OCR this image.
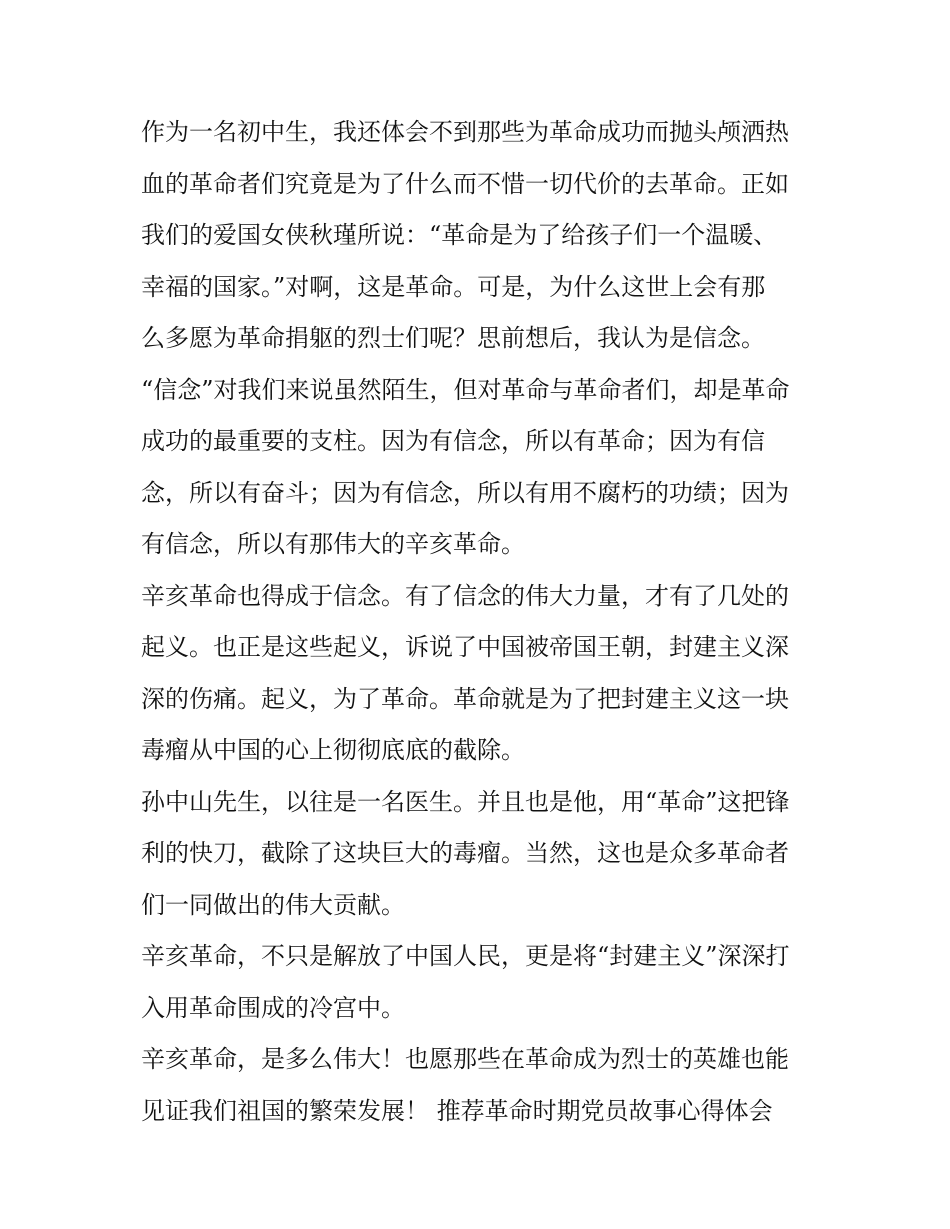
作为一名初中生，我还体会不到那些为革命成功而抛头颅洒热
血的革命者们究竟是为了什么而不惜一切代价的去革命。正如
我们的爱国女侠秋瑾所说：“革命是为了给孩子们一个温暖、
幸福的国家。”对啊，这是革命。可是，为什么这世上会有那
么多愿为革命捐躯的烈士们呢？思前想后，我认为是信念。
“信念”对我们来说虽然陌生，但对革命与革命者们，却是革命
成功的最重要的支柱。因为有信念，所以有革命；因为有信
念，所以有奋斗；因为有信念，所以有用不腐朽的功绩；因为
有信念，所以有那伟大的辛亥革命。
辛亥革命也得成于信念。有了信念的伟大力量，才有了几处的
起义。也正是这些起义，诉说了中国被帝国王朝，封建主义深
深的伤痛。起义，为了革命。革命就是为了把封建主义这一块
毒瘤从中国的心上彻彻底底的截除。
孙中山先生，以往是一名医生。并且也是他，用“革命”这把锋
利的快刀，截除了这块巨大的毒瘤。当然，这也是众多革命者
们一同做出的伟大贡献。
辛亥革命，不只是解放了中国人民，更是将“封建主义”深深打
入用革命围成的冷宫中。
辛亥革命，是多么伟大！也愿那些在革命成为烈士的英雄也能
见证我们祖国的繁荣发展！ 推荐革命时期党员故事心得体会
